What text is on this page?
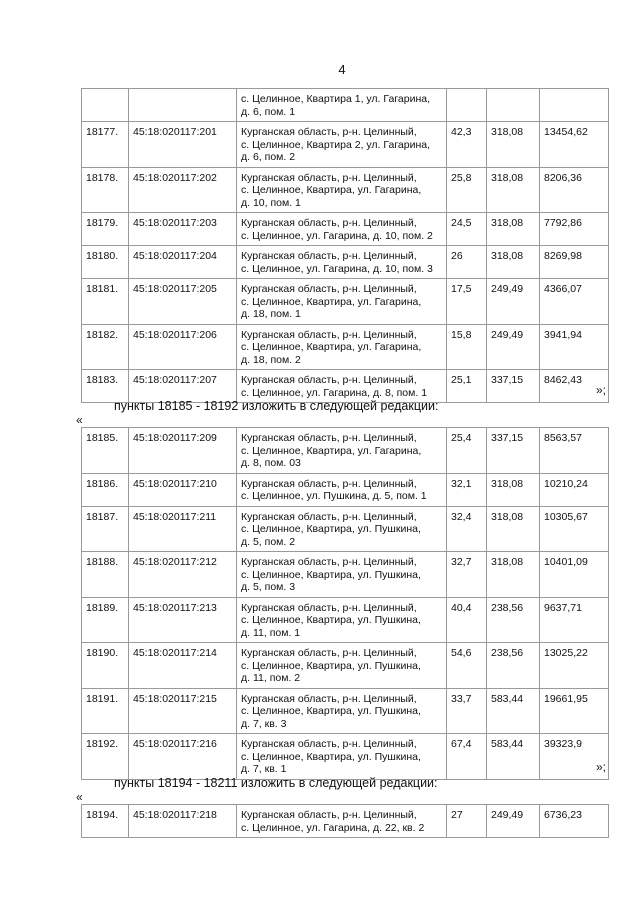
4

		с. Целинное, Квартира 1, ул. Гагарина,
д. 6, пом. 1			

18177.	45:18:020117:201	Курганская область, р-н. Целинный,
с. Целинное, Квартира 2, ул. Гагарина,
д. 6, пом. 2	42,3	318,08	13454,62
18178.	45:18:020117:202	Курганская область, р-н. Целинный,
с. Целинное, Квартира, ул. Гагарина,
д. 10, пом. 1	25,8	318,08	8206,36
18179.	45:18:020117:203	Курганская область, р-н. Целинный,
с. Целинное, ул. Гагарина, д. 10, пом. 2	24,5	318,08	7792,86
18180.	45:18:020117:204	Курганская область, р-н. Целинный,
с. Целинное, ул. Гагарина, д. 10, пом. 3	26	318,08	8269,98
18181.	45:18:020117:205	Курганская область, р-н. Целинный,
с. Целинное, Квартира, ул. Гагарина,
д. 18, пом. 1	17,5	249,49	4366,07
18182.	45:18:020117:206	Курганская область, р-н. Целинный,
с. Целинное, Квартира, ул. Гагарина,
д. 18, пом. 2	15,8	249,49	3941,94
18183.	45:18:020117:207	Курганская область, р-н. Целинный,
с. Целинное, ул. Гагарина, д. 8, пом. 1	25,1	337,15	8462,43
»;
пункты 18185 - 18192 изложить в следующей редакции:
«
18185.	45:18:020117:209	Курганская область, р-н. Целинный,
с. Целинное, Квартира, ул. Гагарина,
д. 8, пом. 03	25,4	337,15	8563,57
18186.	45:18:020117:210	Курганская область, р-н. Целинный,
с. Целинное, ул. Пушкина, д. 5, пом. 1	32,1	318,08	10210,24
18187.	45:18:020117:211	Курганская область, р-н. Целинный,
с. Целинное, Квартира, ул. Пушкина,
д. 5, пом. 2	32,4	318,08	10305,67
18188.	45:18:020117:212	Курганская область, р-н. Целинный,
с. Целинное, Квартира, ул. Пушкина,
д. 5, пом. 3	32,7	318,08	10401,09
18189.	45:18:020117:213	Курганская область, р-н. Целинный,
с. Целинное, Квартира, ул. Пушкина,
д. 11, пом. 1	40,4	238,56	9637,71
18190.	45:18:020117:214	Курганская область, р-н. Целинный,
с. Целинное, Квартира, ул. Пушкина,
д. 11, пом. 2	54,6	238,56	13025,22
18191.	45:18:020117:215	Курганская область, р-н. Целинный,
с. Целинное, Квартира, ул. Пушкина,
д. 7, кв. 3	33,7	583,44	19661,95
18192.	45:18:020117:216	Курганская область, р-н. Целинный,
с. Целинное, Квартира, ул. Пушкина,
д. 7, кв. 1	67,4	583,44	39323,9
»;
пункты 18194 - 18211 изложить в следующей редакции:
«
18194.	45:18:020117:218	Курганская область, р-н. Целинный,
с. Целинное, ул. Гагарина, д. 22, кв. 2
	27	249,49	6736,23
